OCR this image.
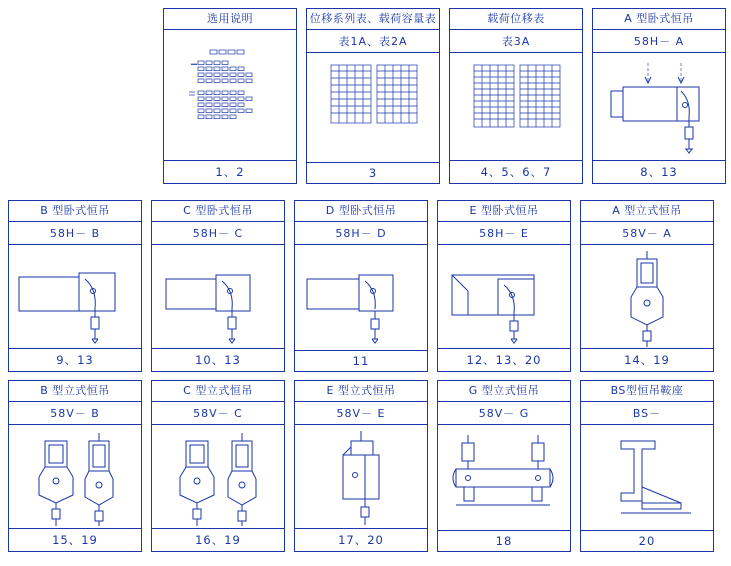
选用说明
—
1、2
位移系列表、载荷容量表
表1A、表2A
3
载荷位移表
表3A
4、5、6、7
A 型卧式恒吊
58H－ A
8、13
B 型卧式恒吊
58H－ B
9、13
C 型卧式恒吊
58H－ C
10、13
D 型卧式恒吊
58H－ D
11
E 型卧式恒吊
58H－ E
12、13、20
A 型立式恒吊
58V－ A
14、19
B 型立式恒吊
58V－ B
15、19
C 型立式恒吊
58V－ C
16、19
E 型立式恒吊
58V－ E
17、20
G 型立式恒吊
58V－ G
18
BS型恒吊鞍座
BS－
20
